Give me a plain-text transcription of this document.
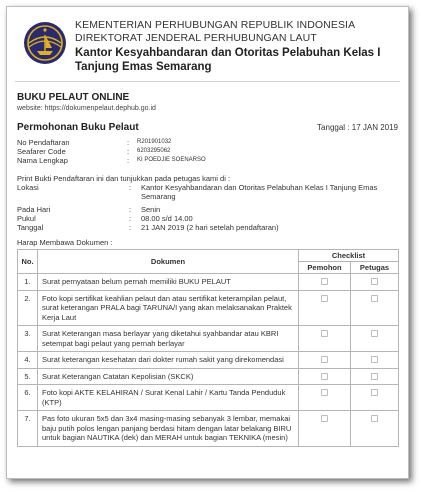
KEMENTERIAN PERHUBUNGAN REPUBLIK INDONESIA
DIREKTORAT JENDERAL PERHUBUNGAN LAUT
Kantor Kesyahbandaran dan Otoritas Pelabuhan Kelas I Tanjung Emas Semarang
BUKU PELAUT ONLINE
website: https://dokumenpelaut.dephub.go.id
Permohonan Buku Pelaut	Tanggal : 17 JAN 2019
No Pendaftaran	:	R201901032
Seafarer Code	:	6203295062
Nama Lengkap	:	KI POEDJIE SOENARSO
Print Bukti Pendaftaran ini dan tunjukkan pada petugas kami di :
Lokasi	:	Kantor Kesyahbandaran dan Otoritas Pelabuhan Kelas I Tanjung Emas Semarang
Pada Hari	:	Senin
Pukul	:	08.00 s/d 14.00
Tanggal	:	21 JAN 2019 (2 hari setelah pendaftaran)
Harap Membawa Dokumen :
No.	Dokumen	Checklist	
		Pemohon	Petugas
1.	Surat pernyataan belum pernah memiliki BUKU PELAUT		
2.	Foto kopi sertifikat keahlian pelaut dan atau sertifikat keterampilan pelaut, surat keterangan PRALA bagi TARUNA/I yang akan melaksanakan Praktek Kerja Laut		
3.	Surat Keterangan masa berlayar yang diketahui syahbandar atau KBRI setempat bagi pelaut yang pernah berlayar		
4.	Surat keterangan kesehatan dari dokter rumah sakit yang direkomendasi		
5.	Surat Keterangan Catatan Kepolisian (SKCK)		
6.	Foto kopi AKTE KELAHIRAN / Surat Kenal Lahir / Kartu Tanda Penduduk (KTP)		
7.	Pas foto ukuran 5x5 dan 3x4 masing-masing sebanyak 3 lembar, memakai baju putih polos lengan panjang berdasi hitam dengan latar belakang BIRU untuk bagian NAUTIKA (dek) dan MERAH untuk bagian TEKNIKA (mesin)		
